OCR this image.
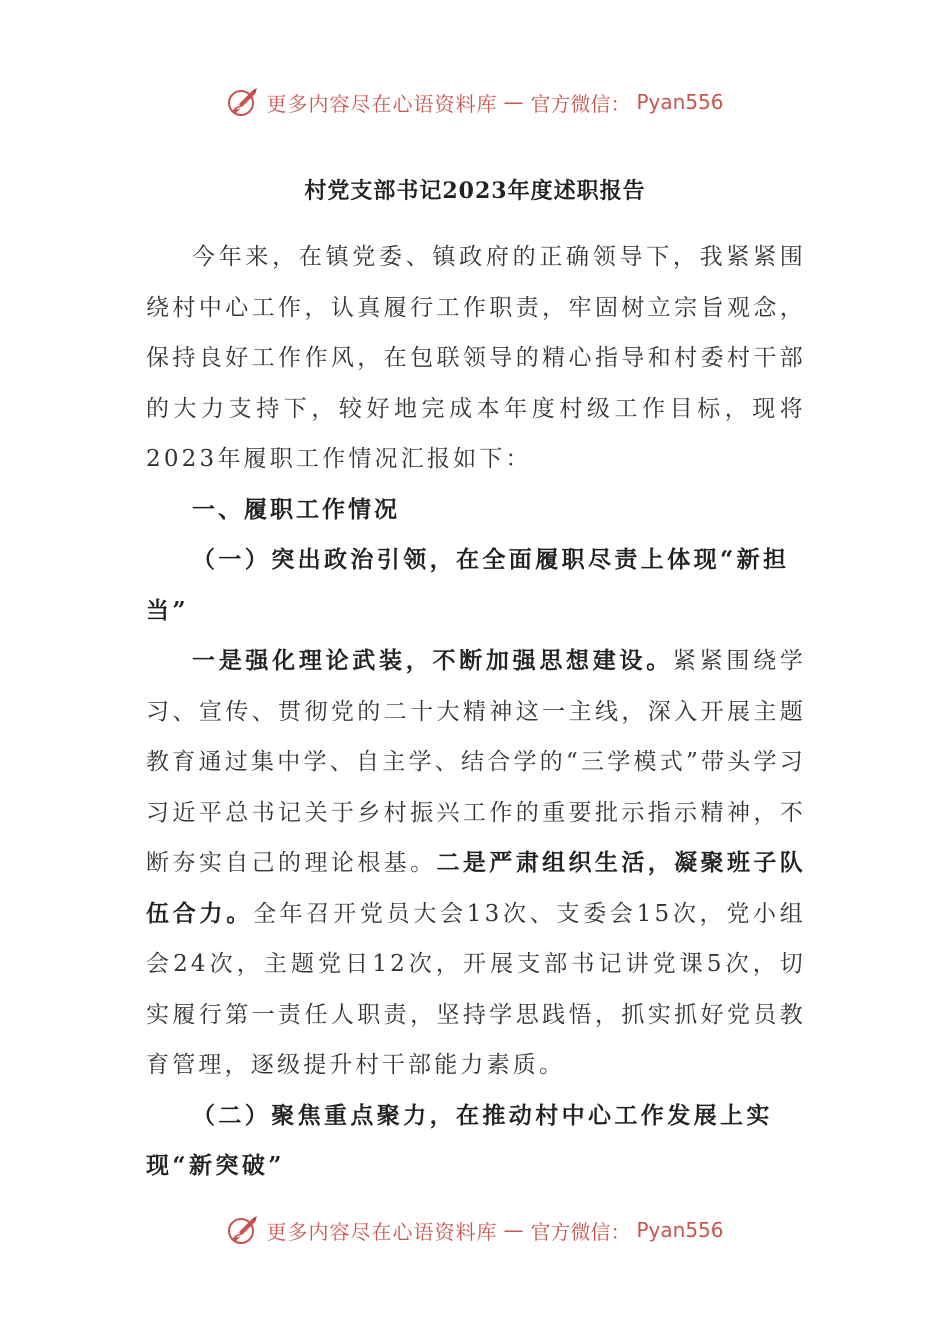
更多内容尽在心语资料库 — 官方微信： Pyan556
村党支部书记2023年度述职报告

今年来，在镇党委、镇政府的正确领导下，我紧紧围绕村中心工作，认真履行工作职责，牢固树立宗旨观念，保持良好工作作风，在包联领导的精心指导和村委村干部的大力支持下，较好地完成本年度村级工作目标，现将2023年履职工作情况汇报如下：

一、履职工作情况

（一）突出政治引领，在全面履职尽责上体现“新担当”

一是强化理论武装，不断加强思想建设。紧紧围绕学习、宣传、贯彻党的二十大精神这一主线，深入开展主题教育通过集中学、自主学、结合学的“三学模式”带头学习习近平总书记关于乡村振兴工作的重要批示指示精神，不断夯实自己的理论根基。二是严肃组织生活，凝聚班子队伍合力。全年召开党员大会13次、支委会15次，党小组会24次，主题党日12次，开展支部书记讲党课5次，切实履行第一责任人职责，坚持学思践悟，抓实抓好党员教育管理，逐级提升村干部能力素质。

（二）聚焦重点聚力，在推动村中心工作发展上实现“新突破”

更多内容尽在心语资料库 — 官方微信： Pyan556
